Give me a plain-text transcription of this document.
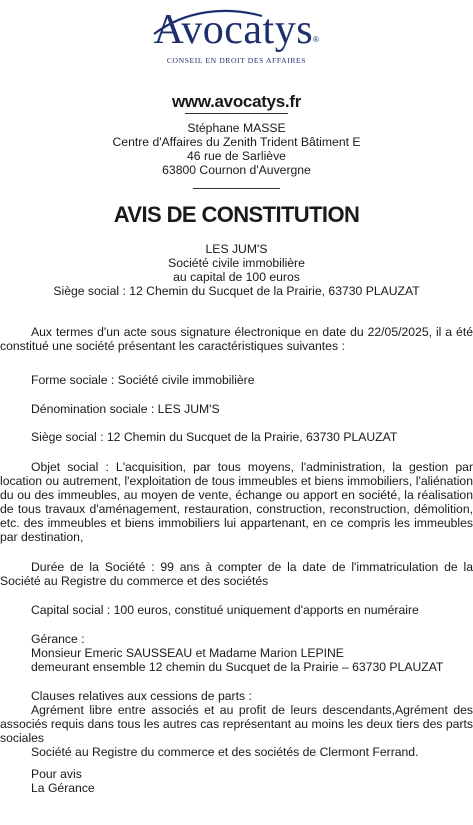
Avocatys®
CONSEIL EN DROIT DES AFFAIRES
www.avocatys.fr
Stéphane MASSE
Centre d'Affaires du Zenith Trident Bâtiment E
46 rue de Sarliève
63800 Cournon d'Auvergne
AVIS DE CONSTITUTION
LES JUM'S
Société civile immobilière
au capital de 100 euros
Siège social : 12 Chemin du Sucquet de la Prairie, 63730 PLAUZAT

Aux termes d'un acte sous signature électronique en date du 22/05/2025, il a été constitué une société présentant les caractéristiques suivantes :

Forme sociale : Société civile immobilière

Dénomination sociale : LES JUM'S

Siège social : 12 Chemin du Sucquet de la Prairie, 63730 PLAUZAT

Objet social : L'acquisition, par tous moyens, l'administration, la gestion par location ou autrement, l'exploitation de tous immeubles et biens immobiliers, l'aliénation du ou des immeubles, au moyen de vente, échange ou apport en société, la réalisation de tous travaux d'aménagement, restauration, construction, reconstruction, démolition, etc. des immeubles et biens immobiliers lui appartenant, en ce compris les immeubles par destination,

Durée de la Société : 99 ans à compter de la date de l'immatriculation de la Société au Registre du commerce et des sociétés

Capital social : 100 euros, constitué uniquement d'apports en numéraire

Gérance :

Monsieur Emeric SAUSSEAU et Madame Marion LEPINE

demeurant ensemble 12 chemin du Sucquet de la Prairie – 63730 PLAUZAT

Clauses relatives aux cessions de parts :

Agrément libre entre associés et au profit de leurs descendants,Agrément des associés requis dans tous les autres cas représentant au moins les deux tiers des parts sociales

Société au Registre du commerce et des sociétés de Clermont Ferrand.

Pour avis

La Gérance
